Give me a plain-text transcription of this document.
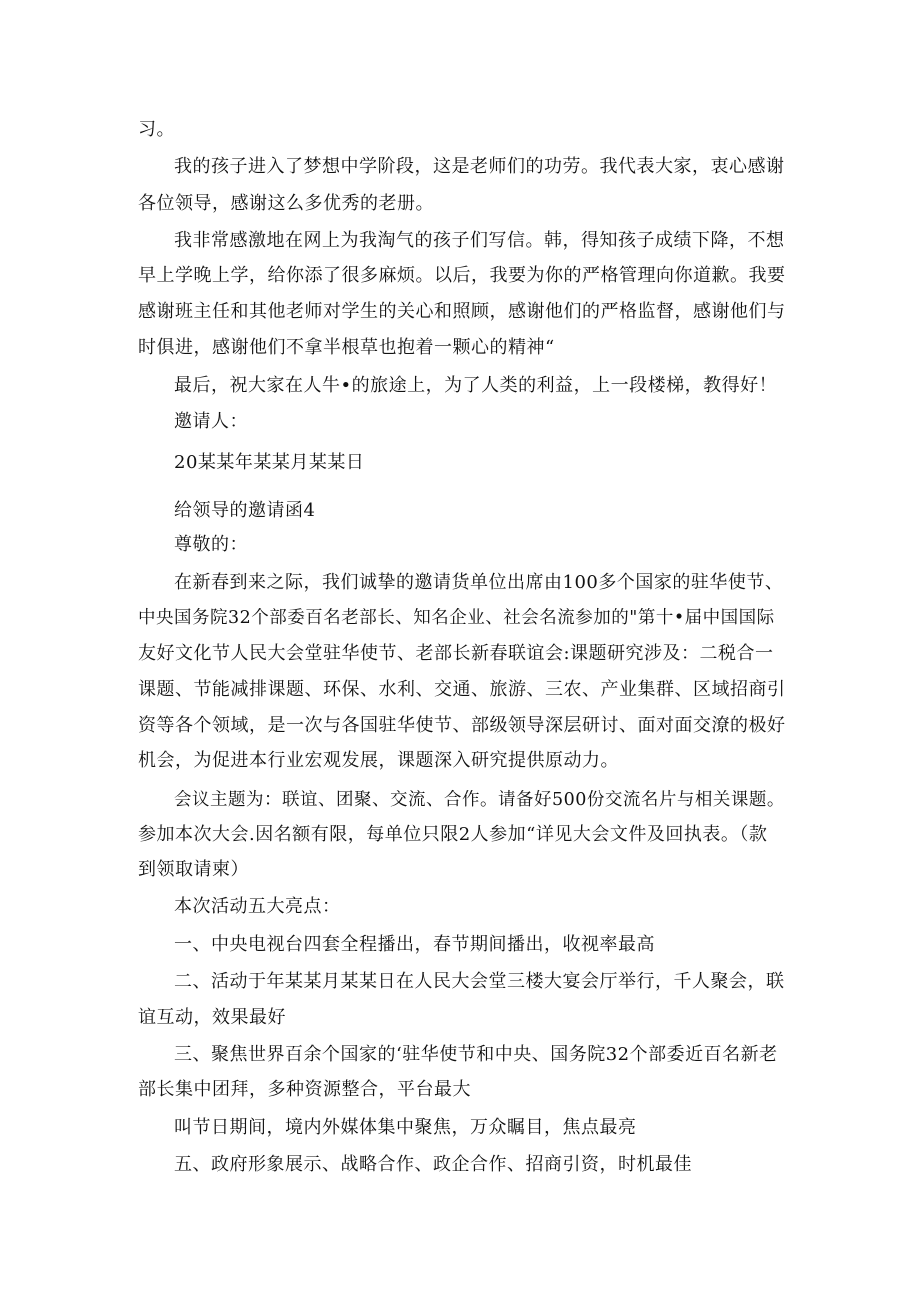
习。
我的孩子进入了梦想中学阶段，这是老师们的功劳。我代表大家，衷心感谢
各位领导，感谢这么多优秀的老册。
我非常感激地在网上为我淘气的孩子们写信。韩，得知孩子成绩下降，不想
早上学晚上学，给你添了很多麻烦。以后，我要为你的严格管理向你道歉。我要
感谢班主任和其他老师对学生的关心和照顾，感谢他们的严格监督，感谢他们与
时俱进，感谢他们不拿半根草也抱着一颗心的精神“
最后，祝大家在人牛•的旅途上，为了人类的利益，上一段楼梯，教得好！
邀请人：
20某某年某某月某某日
给领导的邀请函4
尊敬的：
在新春到来之际，我们诚挚的邀请货单位出席由100多个国家的驻华使节、
中央国务院32个部委百名老部长、知名企业、社会名流参加的"第十•届中国国际
友好文化节人民大会堂驻华使节、老部长新春联谊会:课题研究涉及：二税合一
课题、节能减排课题、环保、水利、交通、旅游、三农、产业集群、区域招商引
资等各个领域，是一次与各国驻华使节、部级领导深层研讨、面对面交潦的极好
机会，为促进本行业宏观发展，课题深入研究提供原动力。
会议主题为：联谊、团聚、交流、合作。请备好500份交流名片与相关课题。
参加本次大会.因名额有限，每单位只限2人参加“详见大会文件及回执表。（款
到领取请柬）
本次活动五大亮点：
一、中央电视台四套全程播出，春节期间播出，收视率最高
二、活动于年某某月某某日在人民大会堂三楼大宴会厅举行，千人聚会，联
谊互动，效果最好
三、聚焦世界百余个国家的‘驻华使节和中央、国务院32个部委近百名新老
部长集中团拜，多种资源整合，平台最大
叫节日期间，境内外媒体集中聚焦，万众瞩目，焦点最亮
五、政府形象展示、战略合作、政企合作、招商引资，时机最佳
